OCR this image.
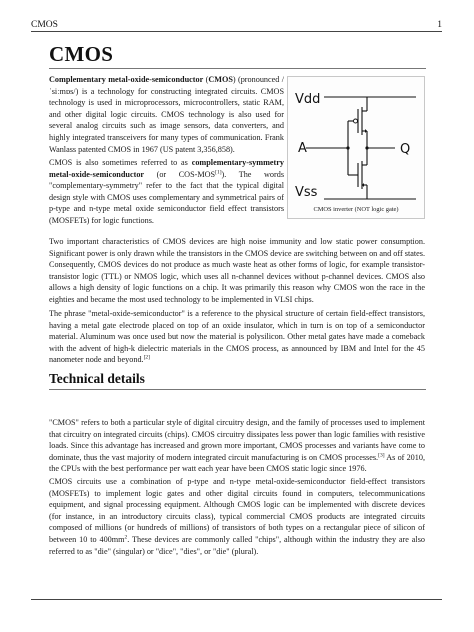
CMOS	1
CMOS

Complementary metal-oxide-semiconductor (CMOS) (pronounced /ˈsiːmɒs/) is a technology for constructing integrated circuits. CMOS technology is used in microprocessors, microcontrollers, static RAM, and other digital logic circuits. CMOS technology is also used for several analog circuits such as image sensors, data converters, and highly integrated transceivers for many types of communication. Frank Wanlass patented CMOS in 1967 (US patent 3,356,858).

CMOS is also sometimes referred to as complementary-symmetry metal-oxide-semiconductor (or COS-MOS[1]). The words "complementary-symmetry" refer to the fact that the typical digital design style with CMOS uses complementary and symmetrical pairs of p-type and n-type metal oxide semiconductor field effect transistors (MOSFETs) for logic functions.

Vdd
A	Q
Vss
CMOS inverter (NOT logic gate)

Two important characteristics of CMOS devices are high noise immunity and low static power consumption. Significant power is only drawn while the transistors in the CMOS device are switching between on and off states. Consequently, CMOS devices do not produce as much waste heat as other forms of logic, for example transistor-transistor logic (TTL) or NMOS logic, which uses all n-channel devices without p-channel devices. CMOS also allows a high density of logic functions on a chip. It was primarily this reason why CMOS won the race in the eighties and became the most used technology to be implemented in VLSI chips.

The phrase "metal-oxide-semiconductor" is a reference to the physical structure of certain field-effect transistors, having a metal gate electrode placed on top of an oxide insulator, which in turn is on top of a semiconductor material. Aluminum was once used but now the material is polysilicon. Other metal gates have made a comeback with the advent of high-k dielectric materials in the CMOS process, as announced by IBM and Intel for the 45 nanometer node and beyond.[2]

Technical details

"CMOS" refers to both a particular style of digital circuitry design, and the family of processes used to implement that circuitry on integrated circuits (chips). CMOS circuitry dissipates less power than logic families with resistive loads. Since this advantage has increased and grown more important, CMOS processes and variants have come to dominate, thus the vast majority of modern integrated circuit manufacturing is on CMOS processes.[3] As of 2010, the CPUs with the best performance per watt each year have been CMOS static logic since 1976.

CMOS circuits use a combination of p-type and n-type metal-oxide-semiconductor field-effect transistors (MOSFETs) to implement logic gates and other digital circuits found in computers, telecommunications equipment, and signal processing equipment. Although CMOS logic can be implemented with discrete devices (for instance, in an introductory circuits class), typical commercial CMOS products are integrated circuits composed of millions (or hundreds of millions) of transistors of both types on a rectangular piece of silicon of between 10 to $400mm^2$. These devices are commonly called "chips", although within the industry they are also referred to as "die" (singular) or "dice", "dies", or "die" (plural).
